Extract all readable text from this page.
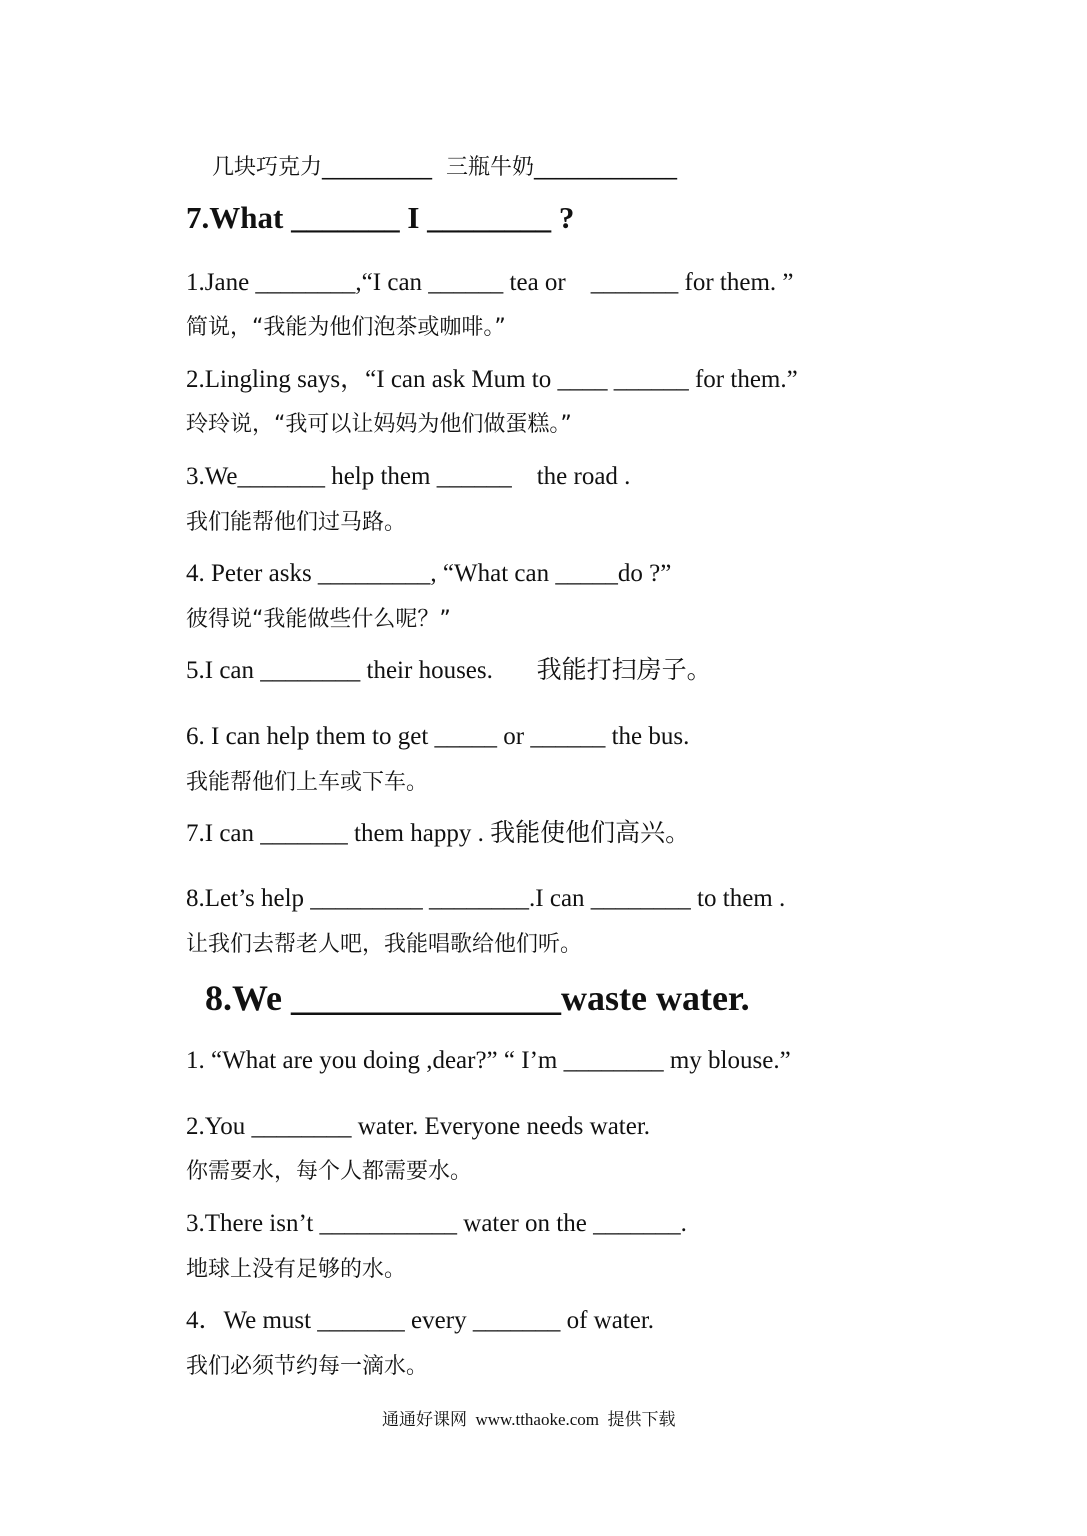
几块巧克力__________  三瓶牛奶_____________
7.What _______ I ________ ?
1.Jane ________,“I can ______ tea or    _______ for them. ”
简说，“我能为他们泡茶或咖啡。”
2.Lingling says，“I can ask Mum to ____ ______ for them.”
玲玲说，“我可以让妈妈为他们做蛋糕。”
3.We_______ help them ______    the road .
我们能帮他们过马路。
4. Peter asks _________, “What can _____do ?”
彼得说“我能做些什么呢？”
5.I can ________ their houses.       我能打扫房子。
6. I can help them to get _____ or ______ the bus.
我能帮他们上车或下车。
7.I can _______ them happy . 我能使他们高兴。
8.Let’s help _________ ________.I can ________ to them .
让我们去帮老人吧，我能唱歌给他们听。
8.We _______________waste water.
1. “What are you doing ,dear?” “ I’m ________ my blouse.”
2.You ________ water. Everyone needs water.
你需要水，每个人都需要水。
3.There isn’t ___________ water on the _______.
地球上没有足够的水。
4．We must _______ every _______ of water.
我们必须节约每一滴水。
通通好课网  www.tthaoke.com  提供下载
